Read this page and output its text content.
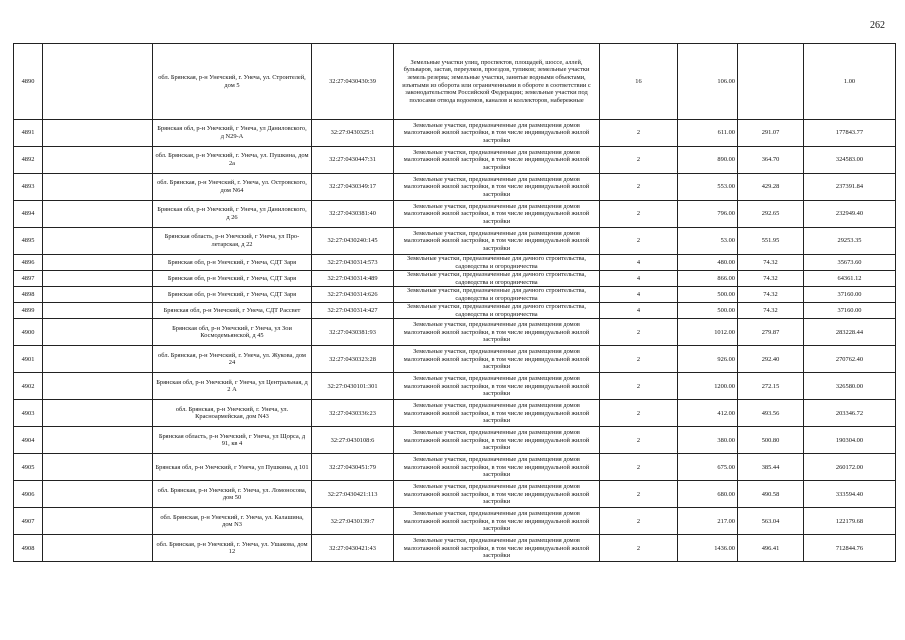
262
4890		обл. Брянская, р-н Унечский, г. Унеча, ул. Строителей, дом 5	32:27:0430430:39	Земельные участки улиц, проспектов, площадей, шоссе, аллей, бульваров, застав, переулков, проездов, тупиков; земельные участки земель резерва; земельные участки, занятые водными объектами, изъятыми из оборота или ограниченными в обороте в соответствии с законодательством Российской Федерации; земельные участки под полосами отвода водоемов, каналов и коллекторов, набережные	16	106.00		1.00
4891		Брянская обл, р-н Унечский, г Унеча, ул Даниловского, д N29-А	32:27:0430325:1	Земельные участки, предназначенные для размещения домов малоэтажной жилой застройки, в том числе индивидуальной жилой застройки	2	611.00	291.07	177843.77
4892		обл. Брянская, р-н Унечский, г. Унеча, ул. Пушкина, дом 2а	32:27:0430447:31	Земельные участки, предназначенные для размещения домов малоэтажной жилой застройки, в том числе индивидуальной жилой застройки	2	890.00	364.70	324583.00
4893		обл. Брянская, р-н Унечский, г. Унеча, ул. Островского, дом N64	32:27:0430349:17	Земельные участки, предназначенные для размещения домов малоэтажной жилой застройки, в том числе индивидуальной жилой застройки	2	553.00	429.28	237391.84
4894		Брянская обл, р-н Унечский, г Унеча, ул Даниловского, д 26	32:27:0430381:40	Земельные участки, предназначенные для размещения домов малоэтажной жилой застройки, в том числе индивидуальной жилой застройки	2	796.00	292.65	232949.40
4895		Брянская область, р-н Унечский, г Унеча, ул Про-летарская, д 22	32:27:0430240:145	Земельные участки, предназначенные для размещения домов малоэтажной жилой застройки, в том числе индивидуальной жилой застройки	2	53.00	551.95	29253.35
4896		Брянская обл, р-н Унечский, г Унеча, СДТ Заря	32:27:0430314:573	Земельные участки, предназначенные для дачного строительства, садоводства и огородничества	4	480.00	74.32	35673.60
4897		Брянская обл, р-н Унечский, г Унеча, СДТ Заря	32:27:0430314:489	Земельные участки, предназначенные для дачного строительства, садоводства и огородничества	4	866.00	74.32	64361.12
4898		Брянская обл, р-н Унечский, г Унеча, СДТ Заря	32:27:0430314:626	Земельные участки, предназначенные для дачного строительства, садоводства и огородничества	4	500.00	74.32	37160.00
4899		Брянская обл, р-н Унечский, г Унеча, СДТ Рассвет	32:27:0430314:427	Земельные участки, предназначенные для дачного строительства, садоводства и огородничества	4	500.00	74.32	37160.00
4900		Брянская обл, р-н Унечский, г Унеча, ул Зои Космодемьянской, д 45	32:27:0430381:93	Земельные участки, предназначенные для размещения домов малоэтажной жилой застройки, в том числе индивидуальной жилой застройки	2	1012.00	279.87	283228.44
4901		обл. Брянская, р-н Унечский, г. Унеча, ул. Жукова, дом 24	32:27:0430323:28	Земельные участки, предназначенные для размещения домов малоэтажной жилой застройки, в том числе индивидуальной жилой застройки	2	926.00	292.40	270762.40
4902		Брянская обл, р-н Унечский, г Унеча, ул Центральная, д 2 А	32:27:0430101:301	Земельные участки, предназначенные для размещения домов малоэтажной жилой застройки, в том числе индивидуальной жилой застройки	2	1200.00	272.15	326580.00
4903		обл. Брянская, р-н Унечский, г. Унеча, ул. Красноармейская, дом N43	32:27:0430336:23	Земельные участки, предназначенные для размещения домов малоэтажной жилой застройки, в том числе индивидуальной жилой застройки	2	412.00	493.56	203346.72
4904		Брянская область, р-н Унечский, г Унеча, ул Щорса, д 91, кв 4	32:27:0430108:6	Земельные участки, предназначенные для размещения домов малоэтажной жилой застройки, в том числе индивидуальной жилой застройки	2	380.00	500.80	190304.00
4905		Брянская обл, р-н Унечский, г Унеча, ул Пушкина, д 101	32:27:0430451:79	Земельные участки, предназначенные для размещения домов малоэтажной жилой застройки, в том числе индивидуальной жилой застройки	2	675.00	385.44	260172.00
4906		обл. Брянская, р-н Унечский, г. Унеча, ул. Ломоносова, дом 50	32:27:0430421:113	Земельные участки, предназначенные для размещения домов малоэтажной жилой застройки, в том числе индивидуальной жилой застройки	2	680.00	490.58	333594.40
4907		обл. Брянская, р-н Унечский, г. Унеча, ул. Калашина, дом N3	32:27:0430139:7	Земельные участки, предназначенные для размещения домов малоэтажной жилой застройки, в том числе индивидуальной жилой застройки	2	217.00	563.04	122179.68
4908		обл. Брянская, р-н Унечский, г. Унеча, ул. Ушакова, дом 12	32:27:0430421:43	Земельные участки, предназначенные для размещения домов малоэтажной жилой застройки, в том числе индивидуальной жилой застройки	2	1436.00	496.41	712844.76
